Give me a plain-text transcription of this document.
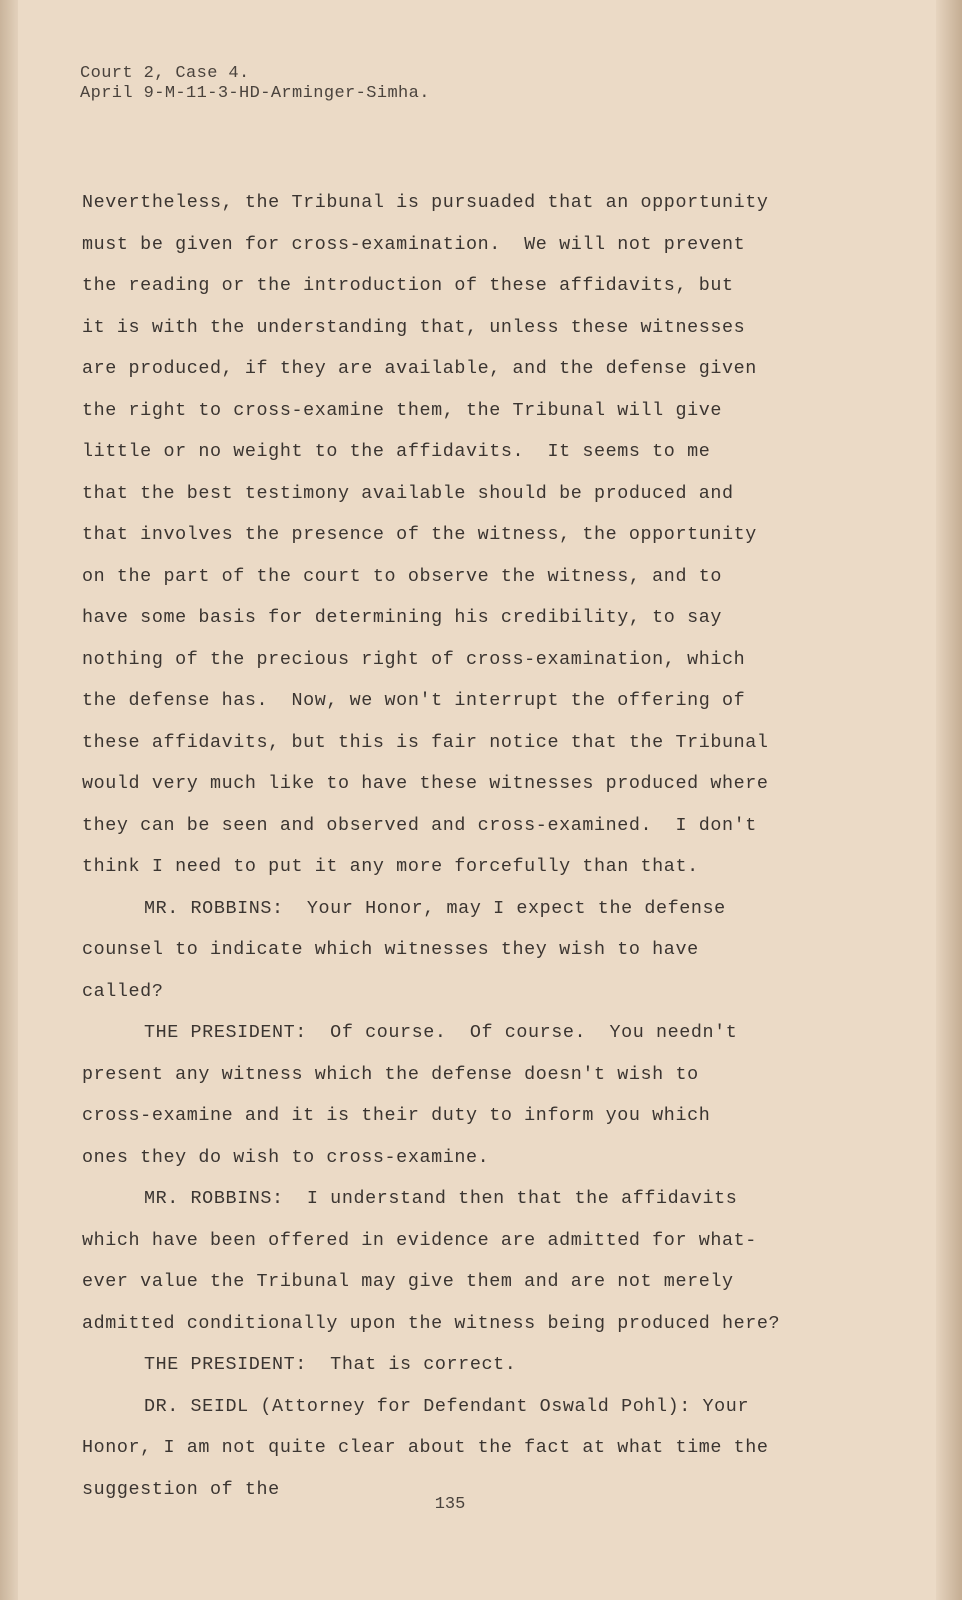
Court 2, Case 4.
April 9-M-11-3-HD-Arminger-Simha.
Nevertheless, the Tribunal is pursuaded that an opportunity
must be given for cross-examination.  We will not prevent
the reading or the introduction of these affidavits, but
it is with the understanding that, unless these witnesses
are produced, if they are available, and the defense given
the right to cross-examine them, the Tribunal will give
little or no weight to the affidavits.  It seems to me
that the best testimony available should be produced and
that involves the presence of the witness, the opportunity
on the part of the court to observe the witness, and to
have some basis for determining his credibility, to say
nothing of the precious right of cross-examination, which
the defense has.  Now, we won't interrupt the offering of
these affidavits, but this is fair notice that the Tribunal
would very much like to have these witnesses produced where
they can be seen and observed and cross-examined.  I don't
think I need to put it any more forcefully than that.
MR. ROBBINS:  Your Honor, may I expect the defense
counsel to indicate which witnesses they wish to have
called?
THE PRESIDENT:  Of course.  Of course.  You needn't
present any witness which the defense doesn't wish to
cross-examine and it is their duty to inform you which
ones they do wish to cross-examine.
MR. ROBBINS:  I understand then that the affidavits
which have been offered in evidence are admitted for what-
ever value the Tribunal may give them and are not merely
admitted conditionally upon the witness being produced here?
THE PRESIDENT:  That is correct.
DR. SEIDL (Attorney for Defendant Oswald Pohl): Your
Honor, I am not quite clear about the fact at what time the
suggestion of the
135
